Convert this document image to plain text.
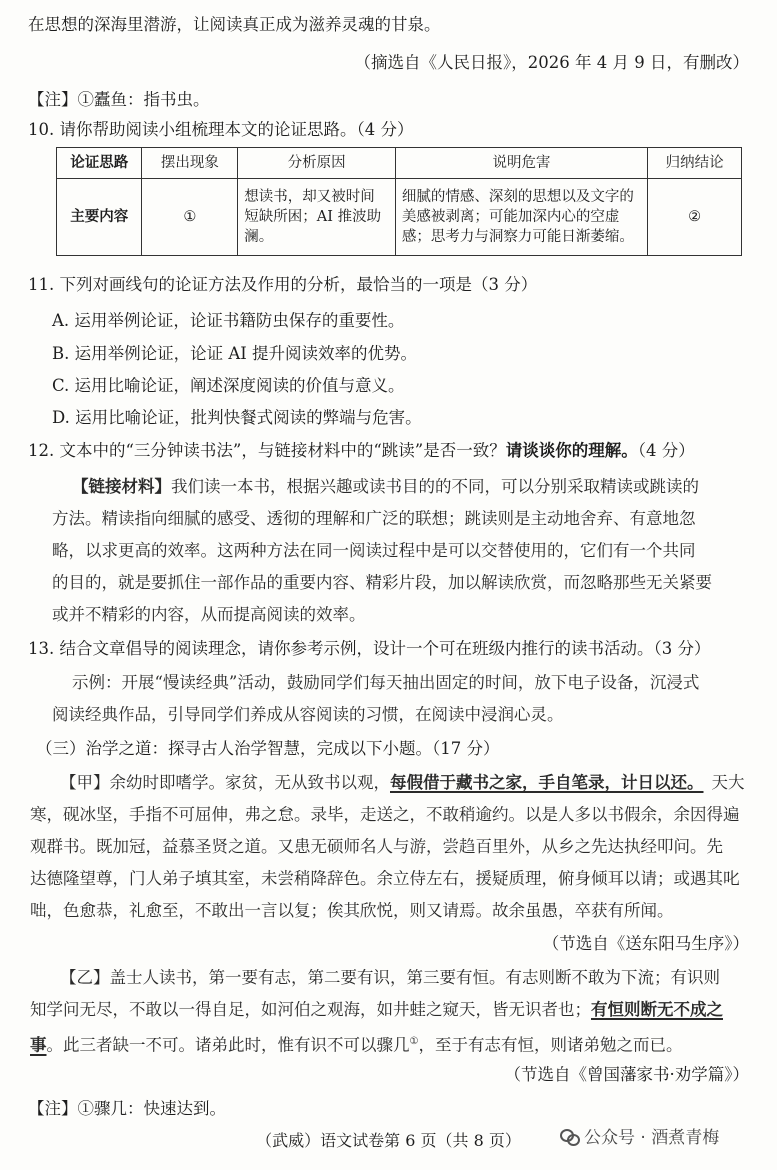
在思想的深海里潜游，让阅读真正成为滋养灵魂的甘泉。
（摘选自《人民日报》，2026 年 4 月 9 日，有删改）
【注】①蠹鱼：指书虫。
10. 请你帮助阅读小组梳理本文的论证思路。（4 分）
论证思路	摆出现象	分析原因	说明危害	归纳结论
主要内容	①	想读书，却又被时间短缺所困；AI 推波助澜。	细腻的情感、深刻的思想以及文字的美感被剥离；可能加深内心的空虚感；思考力与洞察力可能日渐萎缩。	②
11. 下列对画线句的论证方法及作用的分析，最恰当的一项是（3 分）
A. 运用举例论证，论证书籍防虫保存的重要性。
B. 运用举例论证，论证 AI 提升阅读效率的优势。
C. 运用比喻论证，阐述深度阅读的价值与意义。
D. 运用比喻论证，批判快餐式阅读的弊端与危害。
12. 文本中的“三分钟读书法”，与链接材料中的“跳读”是否一致？请谈谈你的理解。（4 分）
【链接材料】我们读一本书，根据兴趣或读书目的的不同，可以分别采取精读或跳读的
方法。精读指向细腻的感受、透彻的理解和广泛的联想；跳读则是主动地舍弃、有意地忽
略，以求更高的效率。这两种方法在同一阅读过程中是可以交替使用的，它们有一个共同
的目的，就是要抓住一部作品的重要内容、精彩片段，加以解读欣赏，而忽略那些无关紧要
或并不精彩的内容，从而提高阅读的效率。
13. 结合文章倡导的阅读理念，请你参考示例，设计一个可在班级内推行的读书活动。（3 分）
示例：开展“慢读经典”活动，鼓励同学们每天抽出固定的时间，放下电子设备，沉浸式
阅读经典作品，引导同学们养成从容阅读的习惯，在阅读中浸润心灵。
（三）治学之道：探寻古人治学智慧，完成以下小题。（17 分）
【甲】余幼时即嗜学。家贫，无从致书以观，每假借于藏书之家，手自笔录，计日以还。 天大
寒，砚冰坚，手指不可屈伸，弗之怠。录毕，走送之，不敢稍逾约。以是人多以书假余，余因得遍
观群书。既加冠，益慕圣贤之道。又患无硕师名人与游，尝趋百里外，从乡之先达执经叩问。先
达德隆望尊，门人弟子填其室，未尝稍降辞色。余立侍左右，援疑质理，俯身倾耳以请；或遇其叱
咄，色愈恭，礼愈至，不敢出一言以复；俟其欣悦，则又请焉。故余虽愚，卒获有所闻。
（节选自《送东阳马生序》）
【乙】盖士人读书，第一要有志，第二要有识，第三要有恒。有志则断不敢为下流；有识则
知学问无尽，不敢以一得自足，如河伯之观海，如井蛙之窥天，皆无识者也；有恒则断无不成之
事。此三者缺一不可。诸弟此时，惟有识不可以骤几①，至于有志有恒，则诸弟勉之而已。
（节选自《曾国藩家书·劝学篇》）
【注】①骤几：快速达到。
（武威）语文试卷第 6 页（共 8 页）	公众号 · 酒煮青梅
